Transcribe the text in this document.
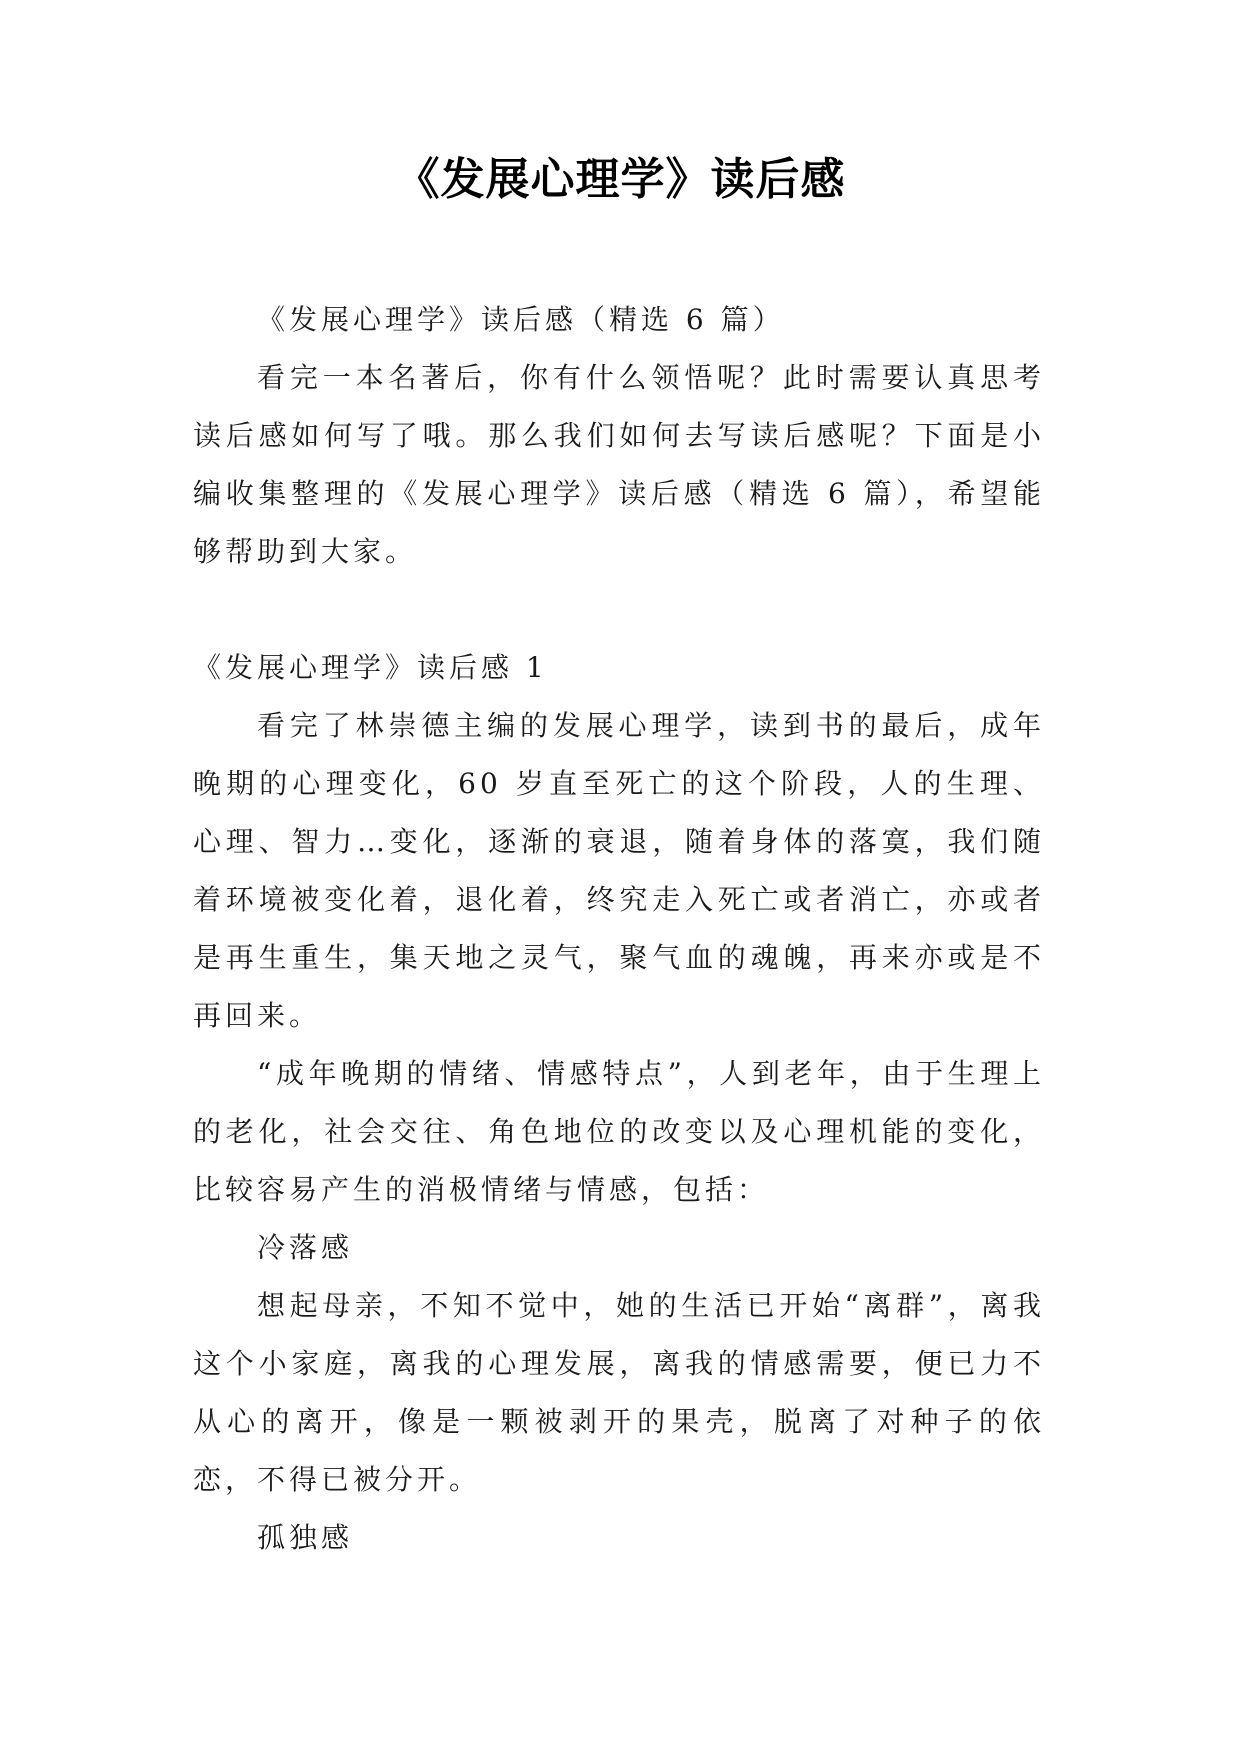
《发展心理学》读后感

《发展心理学》读后感（精选 6 篇）

看完一本名著后，你有什么领悟呢？此时需要认真思考读后感如何写了哦。那么我们如何去写读后感呢？下面是小编收集整理的《发展心理学》读后感（精选 6 篇），希望能够帮助到大家。

《发展心理学》读后感 1

看完了林崇德主编的发展心理学，读到书的最后，成年晚期的心理变化，60 岁直至死亡的这个阶段，人的生理、心理、智力…变化，逐渐的衰退，随着身体的落寞，我们随着环境被变化着，退化着，终究走入死亡或者消亡，亦或者是再生重生，集天地之灵气，聚气血的魂魄，再来亦或是不再回来。

“成年晚期的情绪、情感特点”，人到老年，由于生理上的老化，社会交往、角色地位的改变以及心理机能的变化，比较容易产生的消极情绪与情感，包括：

冷落感

想起母亲，不知不觉中，她的生活已开始“离群”，离我这个小家庭，离我的心理发展，离我的情感需要，便已力不从心的离开，像是一颗被剥开的果壳，脱离了对种子的依恋，不得已被分开。

孤独感
